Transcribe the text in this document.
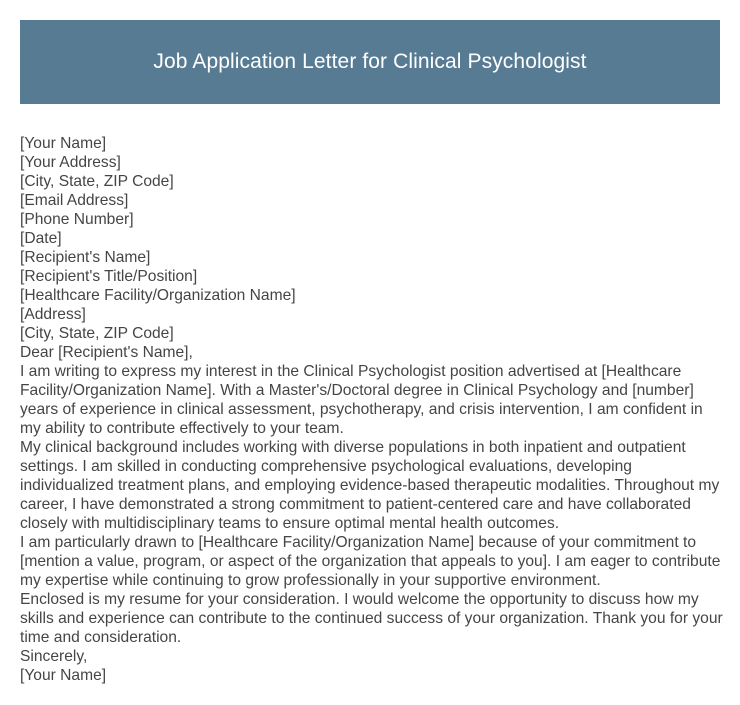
Job Application Letter for Clinical Psychologist
[Your Name]
[Your Address]
[City, State, ZIP Code]
[Email Address]
[Phone Number]
[Date]
[Recipient's Name]
[Recipient's Title/Position]
[Healthcare Facility/Organization Name]
[Address]
[City, State, ZIP Code]
Dear [Recipient's Name],

I am writing to express my interest in the Clinical Psychologist position advertised at [Healthcare Facility/Organization Name]. With a Master's/Doctoral degree in Clinical Psychology and [number] years of experience in clinical assessment, psychotherapy, and crisis intervention, I am confident in my ability to contribute effectively to your team.

My clinical background includes working with diverse populations in both inpatient and outpatient settings. I am skilled in conducting comprehensive psychological evaluations, developing individualized treatment plans, and employing evidence-based therapeutic modalities. Throughout my career, I have demonstrated a strong commitment to patient-centered care and have collaborated closely with multidisciplinary teams to ensure optimal mental health outcomes.

I am particularly drawn to [Healthcare Facility/Organization Name] because of your commitment to [mention a value, program, or aspect of the organization that appeals to you]. I am eager to contribute my expertise while continuing to grow professionally in your supportive environment.

Enclosed is my resume for your consideration. I would welcome the opportunity to discuss how my skills and experience can contribute to the continued success of your organization. Thank you for your time and consideration.

Sincerely,
[Your Name]
